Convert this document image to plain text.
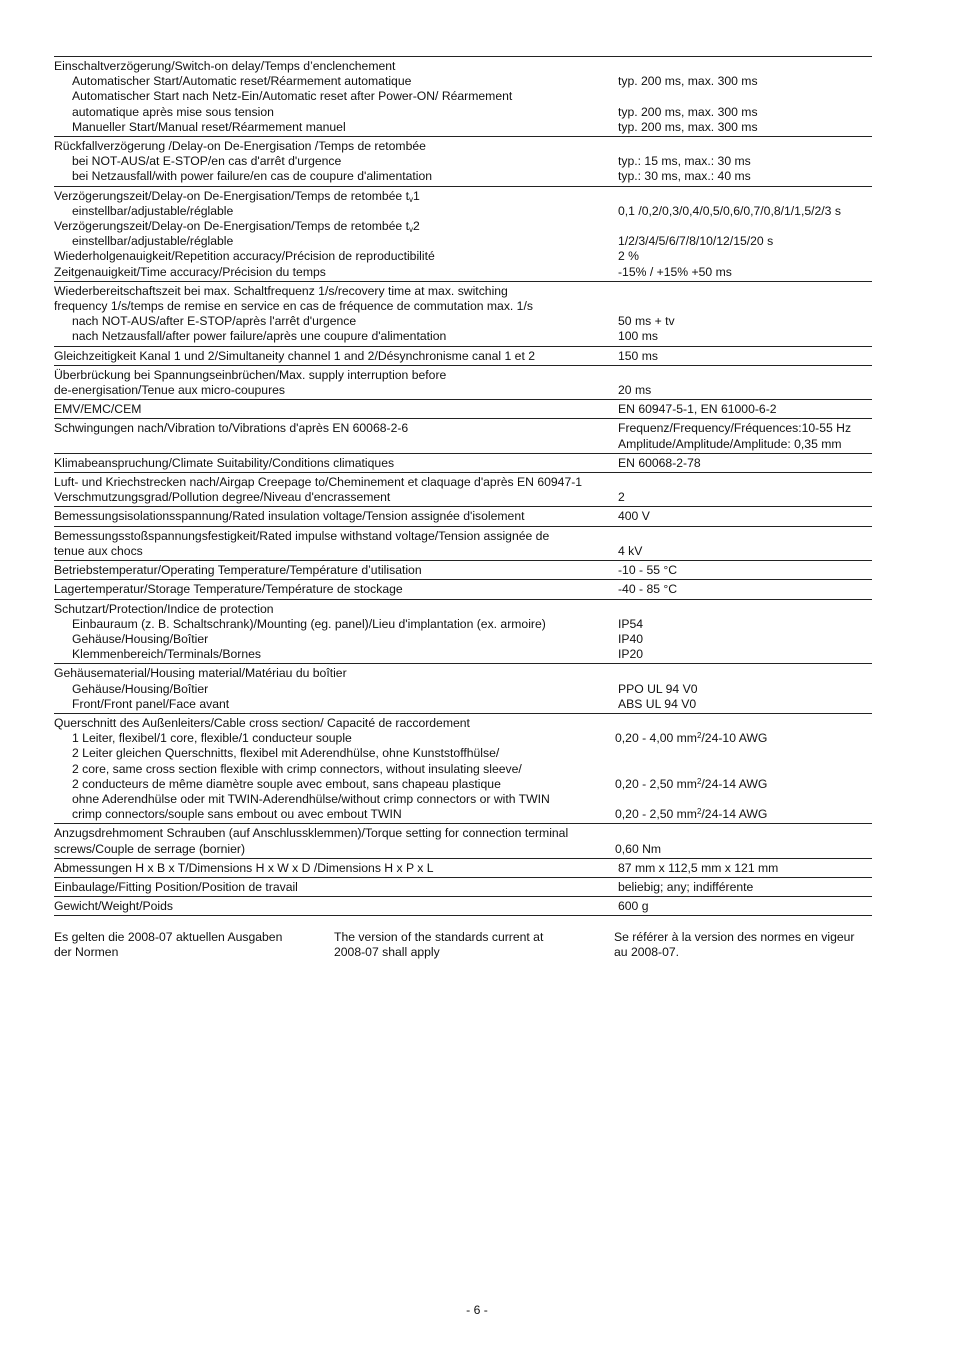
Einschaltverzögerung/Switch-on delay/Temps d’enclenchement
Automatischer Start/Automatic reset/Réarmement automatique	typ. 200 ms, max. 300 ms
Automatischer Start nach Netz-Ein/Automatic reset after Power-ON/ Réarmement
automatique après mise sous tension	typ. 200 ms, max. 300 ms
Manueller Start/Manual reset/Réarmement manuel	typ. 200 ms, max. 300 ms
Rückfallverzögerung /Delay-on De-Energisation /Temps de retombée
bei NOT-AUS/at E-STOP/en cas d'arrêt d'urgence	typ.: 15 ms, max.: 30 ms
bei Netzausfall/with power failure/en cas de coupure d'alimentation	typ.: 30 ms, max.: 40 ms
Verzögerungszeit/Delay-on De-Energisation/Temps de retombée $t_v1$
einstellbar/adjustable/réglable	0,1 /0,2/0,3/0,4/0,5/0,6/0,7/0,8/1/1,5/2/3 s
Verzögerungszeit/Delay-on De-Energisation/Temps de retombée $t_v2$
einstellbar/adjustable/réglable	1/2/3/4/5/6/7/8/10/12/15/20 s
Wiederholgenauigkeit/Repetition accuracy/Précision de reproductibilité	2 %
Zeitgenauigkeit/Time accuracy/Précision du temps	-15% / +15% +50 ms
Wiederbereitschaftszeit bei max. Schaltfrequenz 1/s/recovery time at max. switching
frequency 1/s/temps de remise en service en cas de fréquence de commutation max. 1/s
nach NOT-AUS/after E-STOP/après l'arrêt d'urgence	50 ms + tv
nach Netzausfall/after power failure/après une coupure d'alimentation	100 ms
Gleichzeitigkeit Kanal 1 und 2/Simultaneity channel 1 and 2/Désynchronisme canal 1 et 2	150 ms
Überbrückung bei Spannungseinbrüchen/Max. supply interruption before
de-energisation/Tenue aux micro-coupures	20 ms
EMV/EMC/CEM	EN 60947-5-1, EN 61000-6-2
Schwingungen nach/Vibration to/Vibrations d'après EN 60068-2-6	Frequenz/Frequency/Fréquences:10-55 Hz
Amplitude/Amplitude/Amplitude: 0,35 mm
Klimabeanspruchung/Climate Suitability/Conditions climatiques	EN 60068-2-78
Luft- und Kriechstrecken nach/Airgap Creepage to/Cheminement et claquage d'après EN 60947-1
Verschmutzungsgrad/Pollution degree/Niveau d'encrassement	2
Bemessungsisolationsspannung/Rated insulation voltage/Tension assignée d'isolement	400 V
Bemessungsstoßspannungsfestigkeit/Rated impulse withstand voltage/Tension assignée de
tenue aux chocs	4 kV
Betriebstemperatur/Operating Temperature/Température d’utilisation	-10 - 55 °C
Lagertemperatur/Storage Temperature/Température de stockage	-40 - 85 °C
Schutzart/Protection/Indice de protection
Einbauraum (z. B. Schaltschrank)/Mounting (eg. panel)/Lieu d'implantation (ex. armoire)	IP54
Gehäuse/Housing/Boîtier	IP40
Klemmenbereich/Terminals/Bornes	IP20
Gehäusematerial/Housing material/Matériau du boîtier
Gehäuse/Housing/Boîtier	PPO UL 94 V0
Front/Front panel/Face avant	ABS UL 94 V0
Querschnitt des Außenleiters/Cable cross section/ Capacité de raccordement
1 Leiter, flexibel/1 core, flexible/1 conducteur souple	0,20 - 4,00 $mm^2/24-10$ AWG
2 Leiter gleichen Querschnitts, flexibel mit Aderendhülse, ohne Kunststoffhülse/
2 core, same cross section flexible with crimp connectors, without insulating sleeve/
2 conducteurs de même diamètre souple avec embout, sans chapeau plastique	0,20 - 2,50 $mm^2/24-14$ AWG
ohne Aderendhülse oder mit TWIN-Aderendhülse/without crimp connectors or with TWIN
crimp connectors/souple sans embout ou avec embout TWIN	0,20 - 2,50 $mm^2/24-14$ AWG
Anzugsdrehmoment Schrauben (auf Anschlussklemmen)/Torque setting for connection terminal
screws/Couple de serrage (bornier)	0,60 Nm
Abmessungen H x B x T/Dimensions H x W x D /Dimensions H x P x L	87 mm x 112,5 mm x 121 mm
Einbaulage/Fitting Position/Position de travail	beliebig; any; indifférente
Gewicht/Weight/Poids	600 g
Es gelten die 2008-07 aktuellen Ausgaben
der Normen
The version of the standards current at
2008-07 shall apply
Se référer à la version des normes en vigeur
au 2008-07.
- 6 -
